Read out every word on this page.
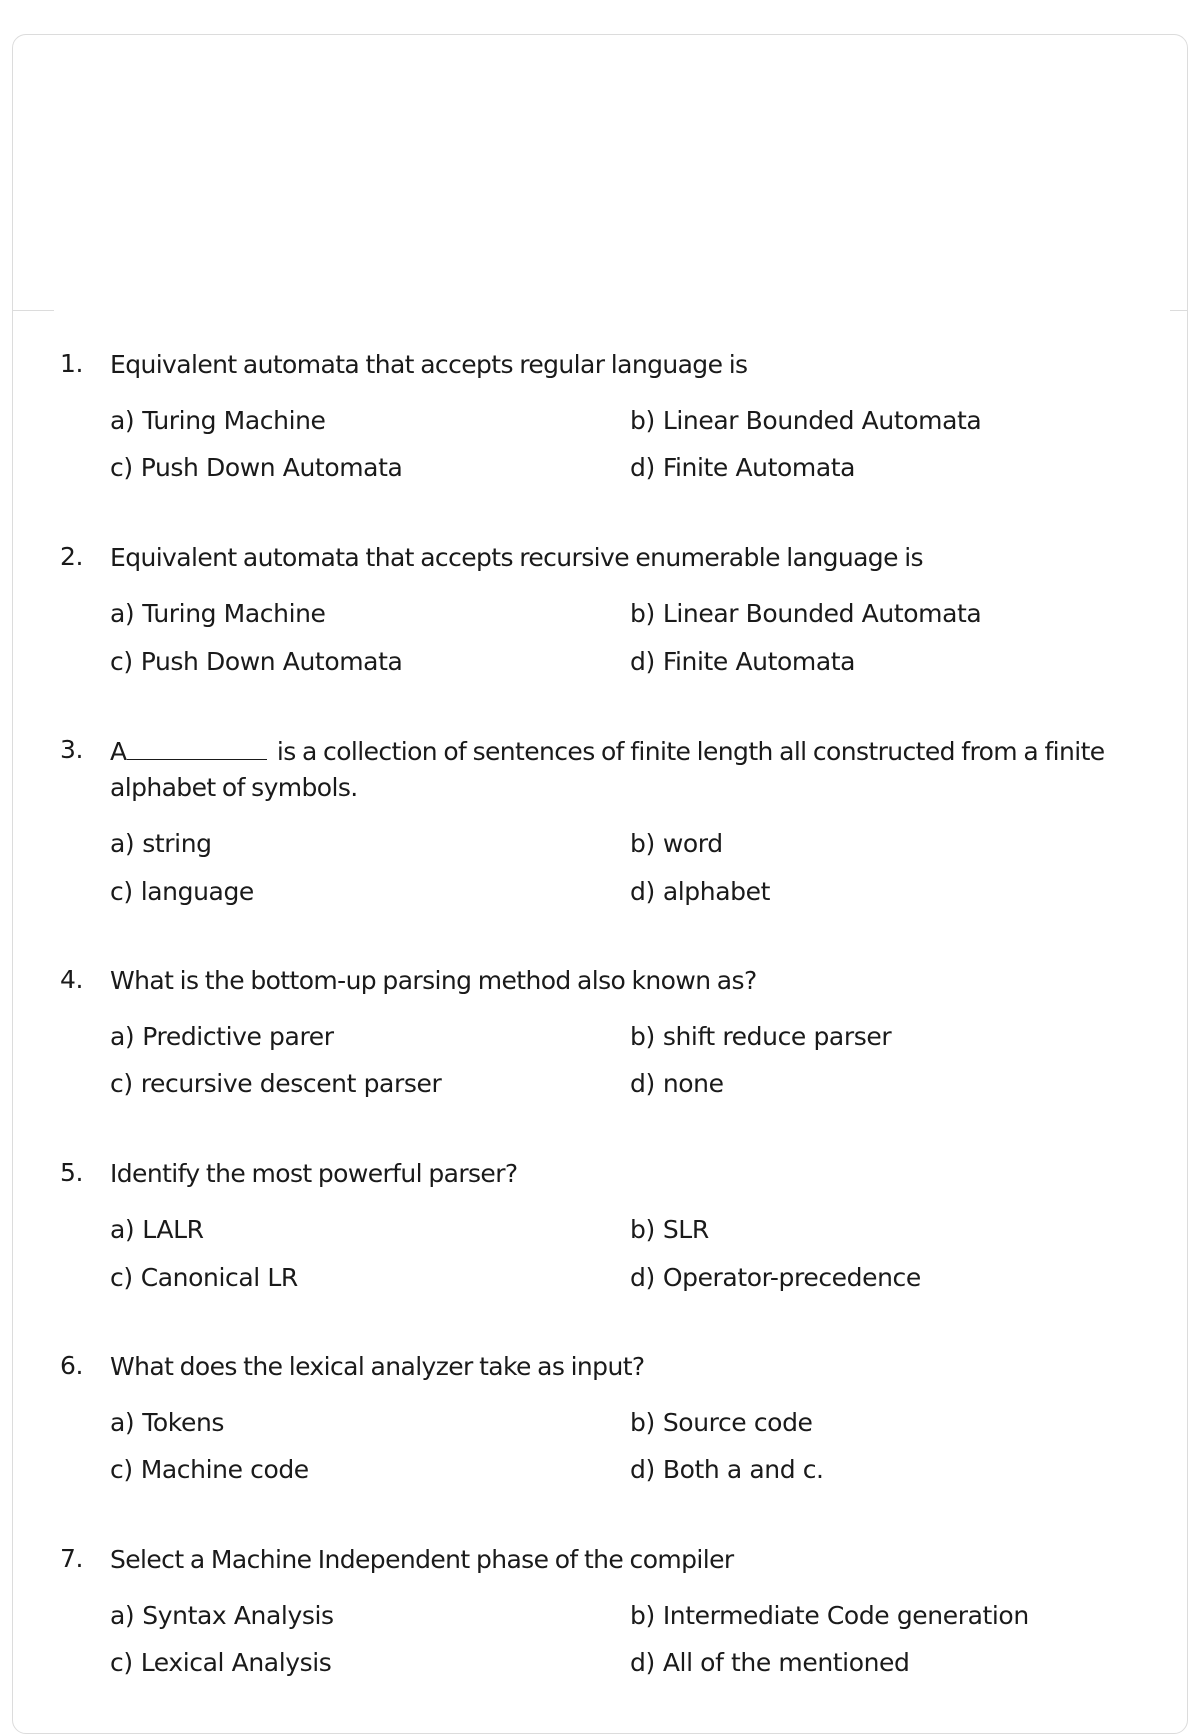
1. Equivalent automata that accepts regular language is
a) Turing Machine	b) Linear Bounded Automata
c) Push Down Automata	d) Finite Automata
2. Equivalent automata that accepts recursive enumerable language is
a) Turing Machine	b) Linear Bounded Automata
c) Push Down Automata	d) Finite Automata
3. A	is a collection of sentences of finite length all constructed from a finite alphabet of symbols.
a) string	b) word
c) language	d) alphabet
4. What is the bottom-up parsing method also known as?
a) Predictive parer	b) shift reduce parser
c) recursive descent parser	d) none
5. Identify the most powerful parser?
a) LALR	b) SLR
c) Canonical LR	d) Operator-precedence
6. What does the lexical analyzer take as input?
a) Tokens	b) Source code
c) Machine code	d) Both a and c.
7. Select a Machine Independent phase of the compiler
a) Syntax Analysis	b) Intermediate Code generation
c) Lexical Analysis	d) All of the mentioned
